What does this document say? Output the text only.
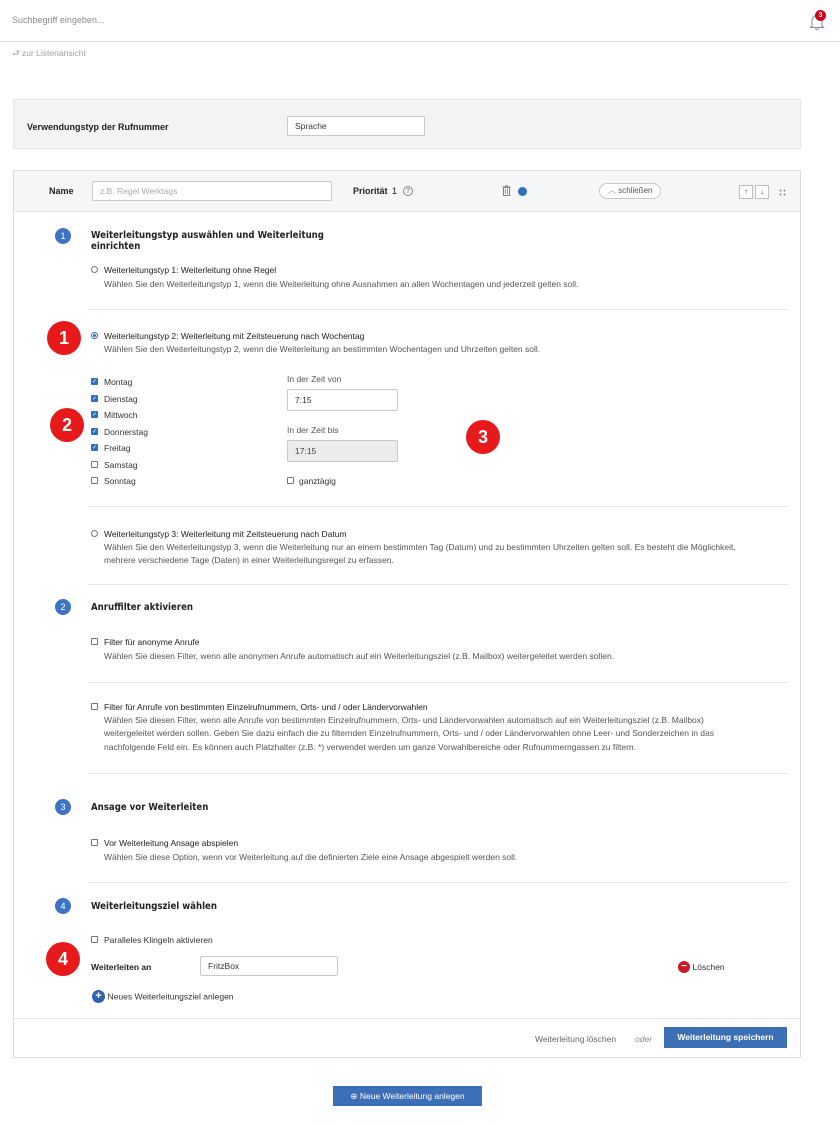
Suchbegriff eingeben...	3
⮐ zur Listenansicht
Verwendungstyp der Rufnummer	Sprache
Name	z.B. Regel Werktags	Priorität 1	?	︿ schließen	↑	↓
1	Weiterleitungstyp auswählen und Weiterleitung einrichten
Weiterleitungstyp 1: Weiterleitung ohne Regel
Wählen Sie den Weiterleitungstyp 1, wenn die Weiterleitung ohne Ausnahmen an allen Wochentagen und jederzeit gelten soll.
Weiterleitungstyp 2: Weiterleitung mit Zeitsteuerung nach Wochentag
Wählen Sie den Weiterleitungstyp 2, wenn die Weiterleitung an bestimmten Wochentagen und Uhrzeiten gelten soll.
✓ Montag
✓ Dienstag
✓ Mittwoch
✓ Donnerstag
✓ Freitag
Samstag
Sonntag
In der Zeit von
7:15
In der Zeit bis
17:15
ganztägig
Weiterleitungstyp 3: Weiterleitung mit Zeitsteuerung nach Datum
Wählen Sie den Weiterleitungstyp 3, wenn die Weiterleitung nur an einem bestimmten Tag (Datum) und zu bestimmten Uhrzeiten gelten soll. Es besteht die Möglichkeit,
mehrere verschiedene Tage (Daten) in einer Weiterleitungsregel zu erfassen.
2	Anruffilter aktivieren
Filter für anonyme Anrufe
Wählen Sie diesen Filter, wenn alle anonymen Anrufe automatisch auf ein Weiterleitungsziel (z.B. Mailbox) weitergeleitet werden sollen.
Filter für Anrufe von bestimmten Einzelrufnummern, Orts- und / oder Ländervorwahlen
Wählen Sie diesen Filter, wenn alle Anrufe von bestimmten Einzelrufnummern, Orts- und Ländervorwahlen automatisch auf ein Weiterleitungsziel (z.B. Mailbox)
weitergeleitet werden sollen. Geben Sie dazu einfach die zu filternden Einzelrufnummern, Orts- und / oder Ländervorwahlen ohne Leer- und Sonderzeichen in das
nachfolgende Feld ein. Es können auch Platzhalter (z.B. *) verwendet werden um ganze Vorwahlbereiche oder Rufnummerngassen zu filtern.
3	Ansage vor Weiterleiten
Vor Weiterleitung Ansage abspielen
Wählen Sie diese Option, wenn vor Weiterleitung auf die definierten Ziele eine Ansage abgespielt werden soll.
4	Weiterleitungsziel wählen
Paralleles Klingeln aktivieren
Weiterleiten an	FritzBox	− Löschen
+ Neues Weiterleitungsziel anlegen
Weiterleitung löschen oder	Weiterleitung speichern
⊕ Neue Weiterleitung anlegen
1
2
3
4
